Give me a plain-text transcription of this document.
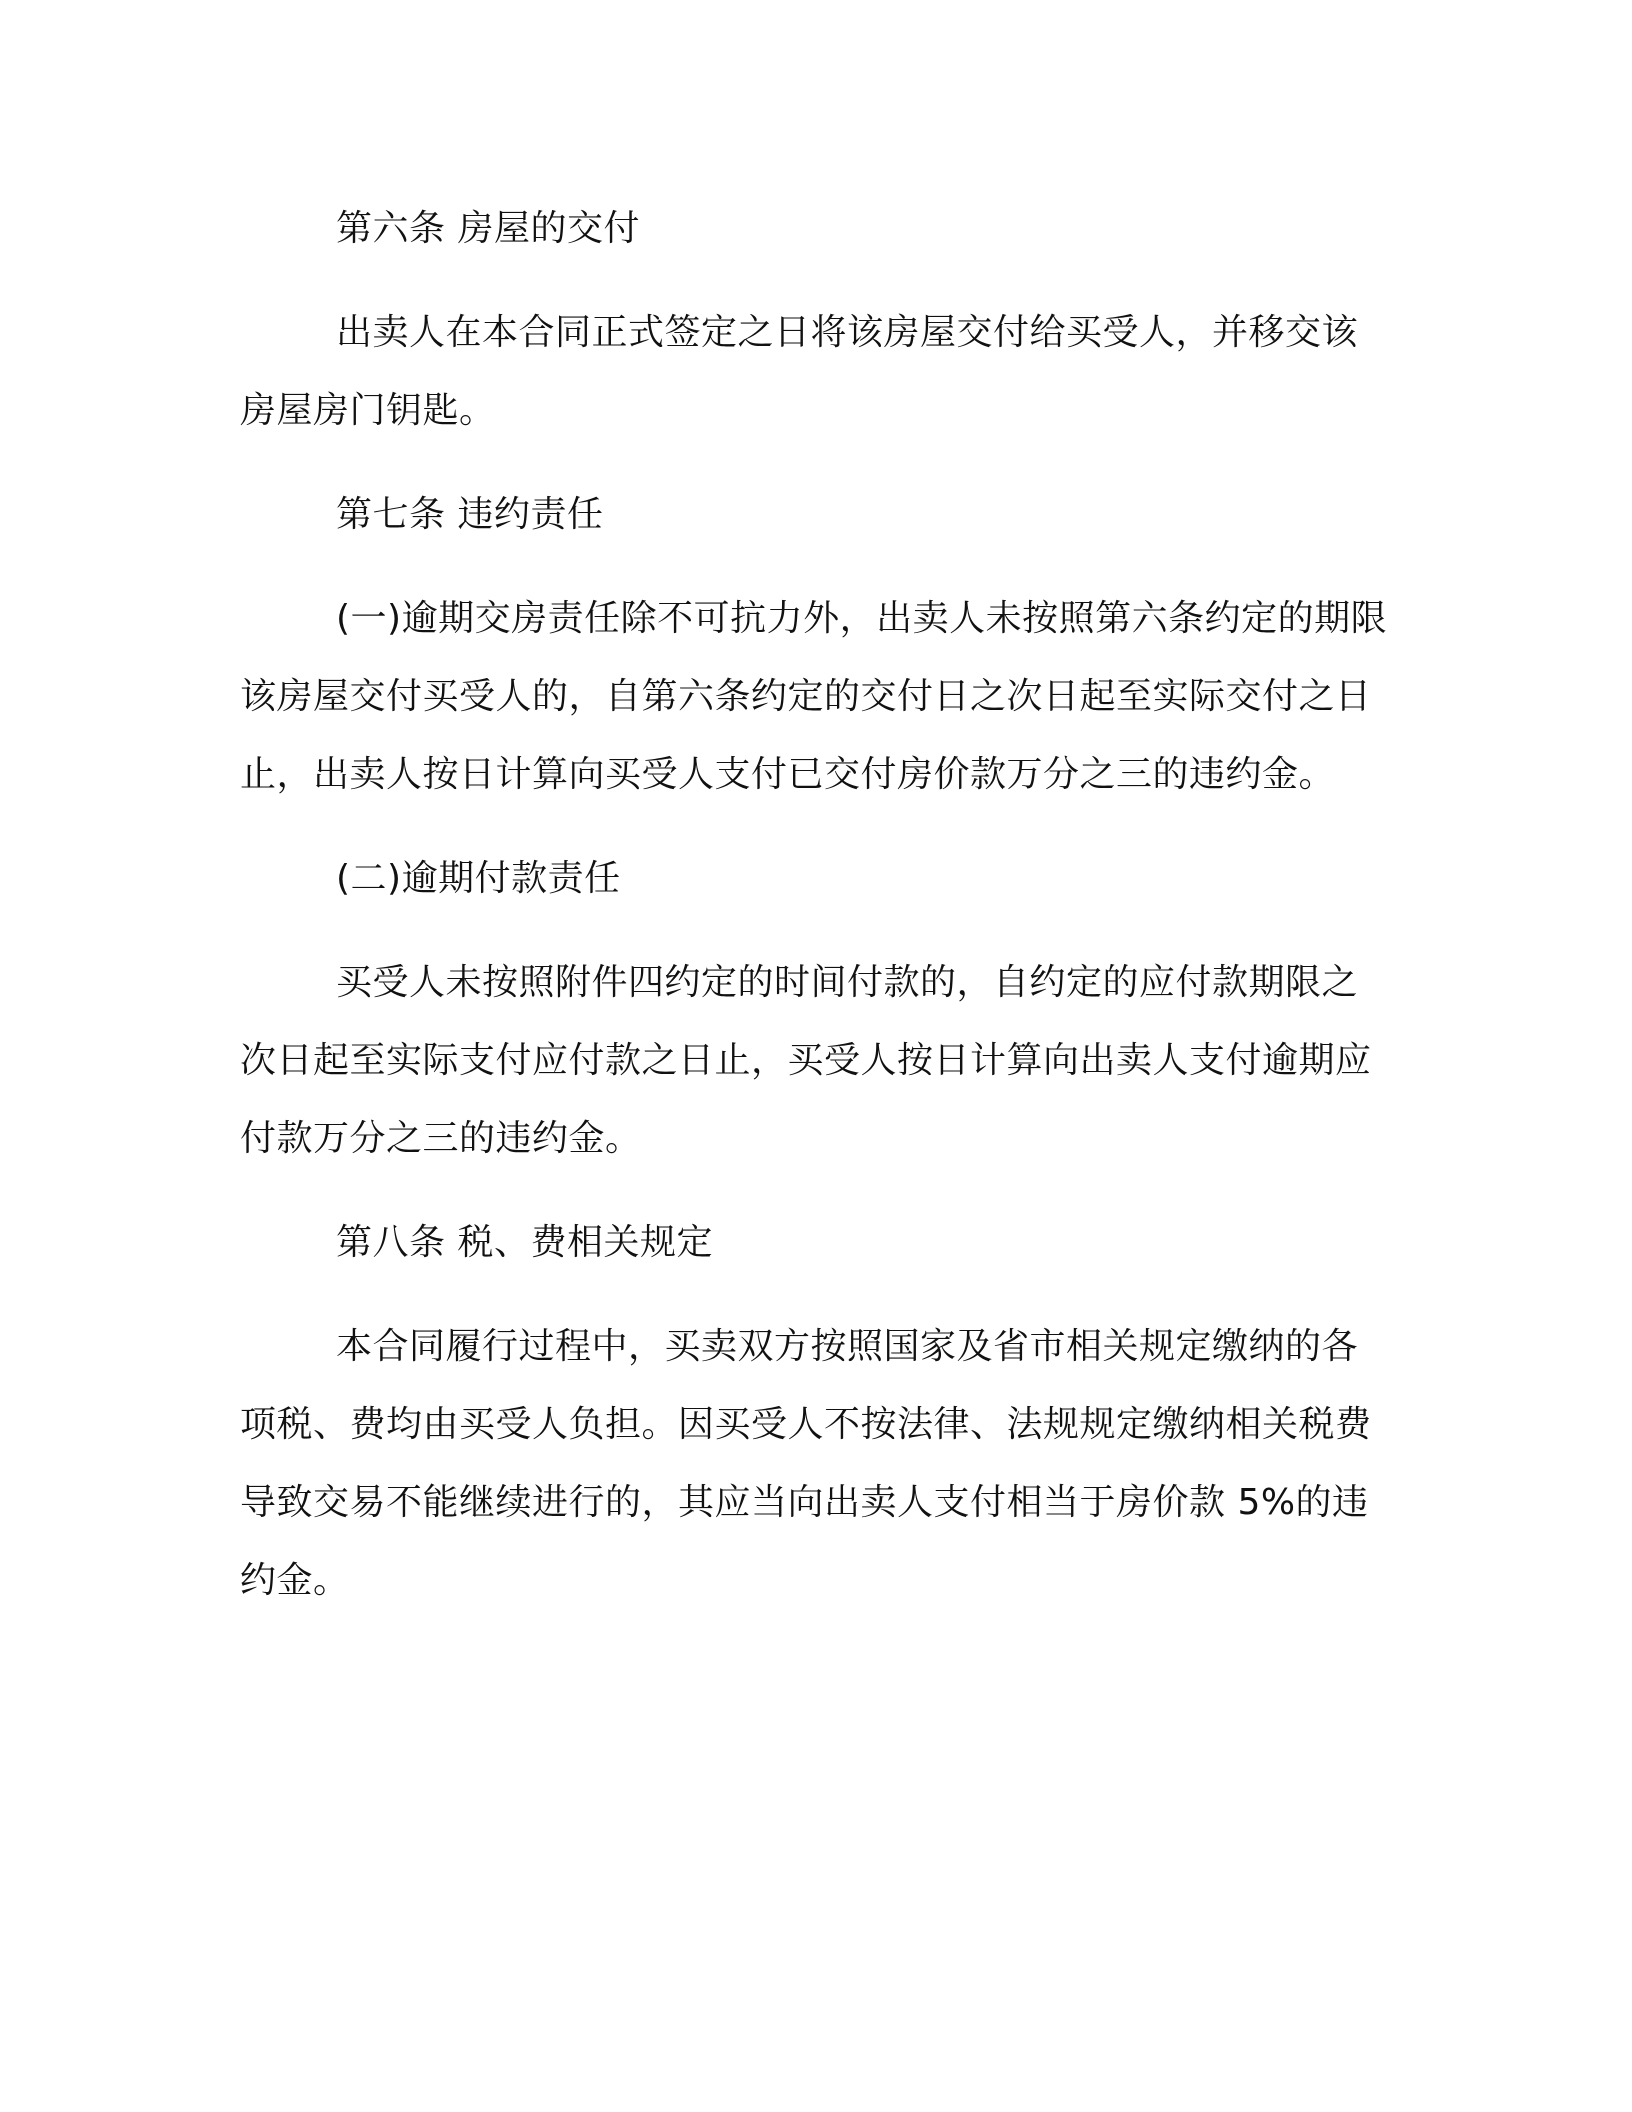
第六条 房屋的交付

出卖人在本合同正式签定之日将该房屋交付给买受人，并移交该房屋房门钥匙。

第七条 违约责任

(一)逾期交房责任除不可抗力外，出卖人未按照第六条约定的期限该房屋交付买受人的，自第六条约定的交付日之次日起至实际交付之日止，出卖人按日计算向买受人支付已交付房价款万分之三的违约金。

(二)逾期付款责任

买受人未按照附件四约定的时间付款的，自约定的应付款期限之次日起至实际支付应付款之日止，买受人按日计算向出卖人支付逾期应付款万分之三的违约金。

第八条 税、费相关规定

本合同履行过程中，买卖双方按照国家及省市相关规定缴纳的各项税、费均由买受人负担。因买受人不按法律、法规规定缴纳相关税费导致交易不能继续进行的，其应当向出卖人支付相当于房价款 5%的违约金。
